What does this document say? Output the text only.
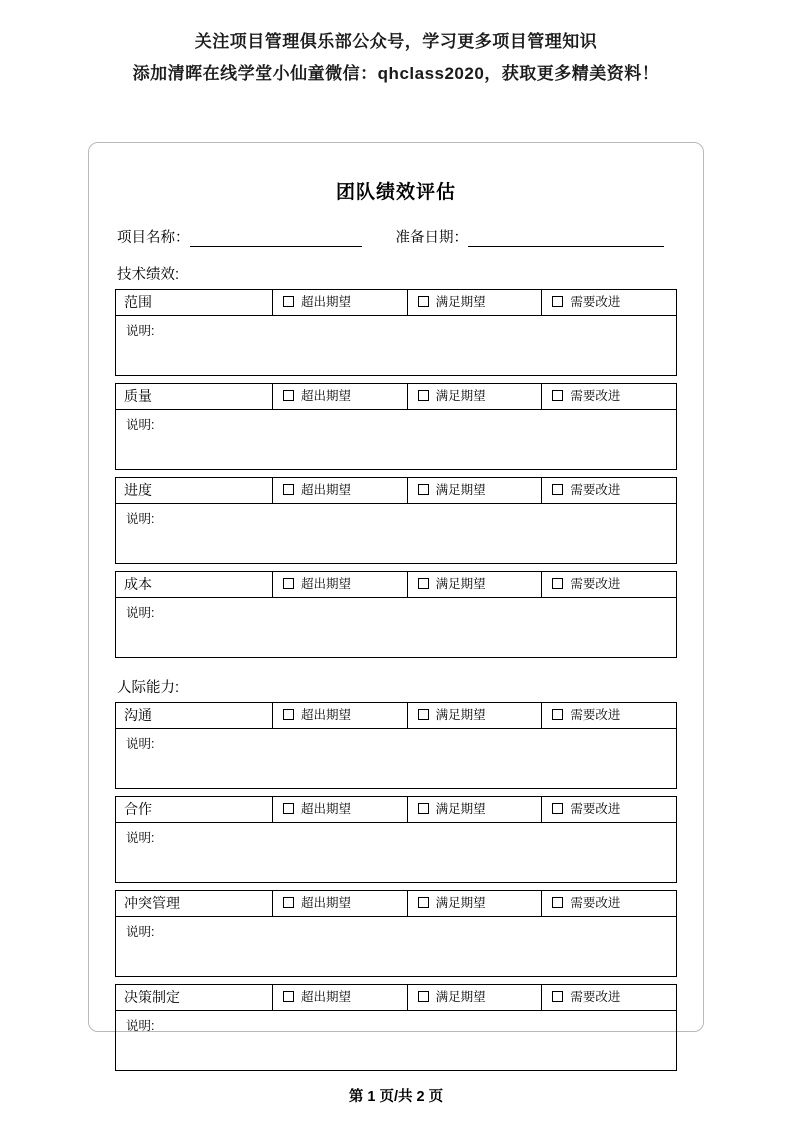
关注项目管理俱乐部公众号，学习更多项目管理知识
添加清晖在线学堂小仙童微信：qhclass2020，获取更多精美资料！
团队绩效评估
项目名称：	准备日期：
技术绩效:
范围	超出期望	满足期望	需要改进
说明:			

质量	超出期望	满足期望	需要改进
说明:			

进度	超出期望	满足期望	需要改进
说明:			

成本	超出期望	满足期望	需要改进
说明:			
人际能力:
沟通	超出期望	满足期望	需要改进
说明:			

合作	超出期望	满足期望	需要改进
说明:			

冲突管理	超出期望	满足期望	需要改进
说明:			

决策制定	超出期望	满足期望	需要改进
说明:			
第 1 页/共 2 页
